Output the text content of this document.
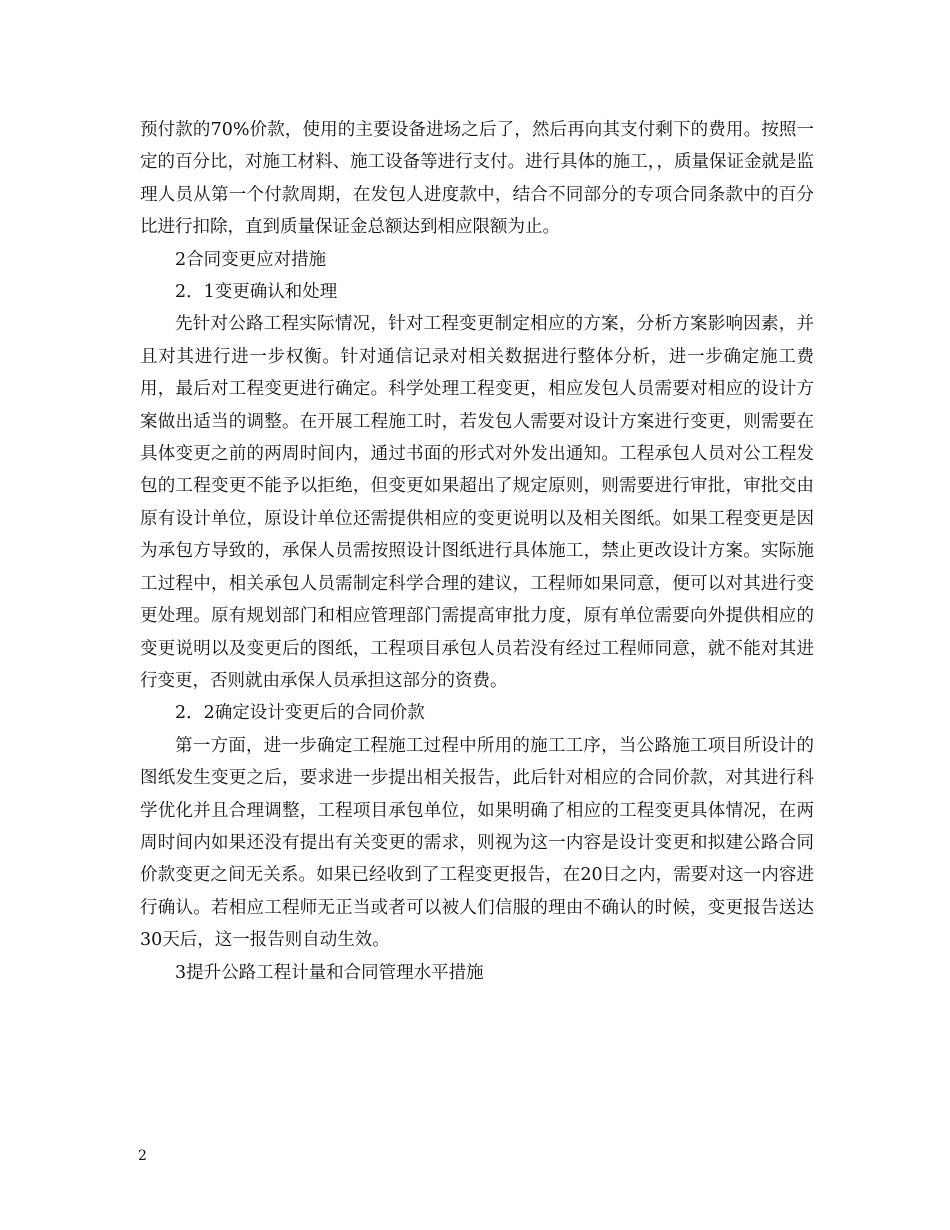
预付款的70%价款，使用的主要设备进场之后了，然后再向其支付剩下的费用。按照一定的百分比，对施工材料、施工设备等进行支付。进行具体的施工，，质量保证金就是监理人员从第一个付款周期，在发包人进度款中，结合不同部分的专项合同条款中的百分比进行扣除，直到质量保证金总额达到相应限额为止。

2合同变更应对措施

2．1变更确认和处理

先针对公路工程实际情况，针对工程变更制定相应的方案，分析方案影响因素，并且对其进行进一步权衡。针对通信记录对相关数据进行整体分析，进一步确定施工费用，最后对工程变更进行确定。科学处理工程变更，相应发包人员需要对相应的设计方案做出适当的调整。在开展工程施工时，若发包人需要对设计方案进行变更，则需要在具体变更之前的两周时间内，通过书面的形式对外发出通知。工程承包人员对公工程发包的工程变更不能予以拒绝，但变更如果超出了规定原则，则需要进行审批，审批交由原有设计单位，原设计单位还需提供相应的变更说明以及相关图纸。如果工程变更是因为承包方导致的，承保人员需按照设计图纸进行具体施工，禁止更改设计方案。实际施工过程中，相关承包人员需制定科学合理的建议，工程师如果同意，便可以对其进行变更处理。原有规划部门和相应管理部门需提高审批力度，原有单位需要向外提供相应的变更说明以及变更后的图纸，工程项目承包人员若没有经过工程师同意，就不能对其进行变更，否则就由承保人员承担这部分的资费。

2．2确定设计变更后的合同价款

第一方面，进一步确定工程施工过程中所用的施工工序，当公路施工项目所设计的图纸发生变更之后，要求进一步提出相关报告，此后针对相应的合同价款，对其进行科学优化并且合理调整，工程项目承包单位，如果明确了相应的工程变更具体情况，在两周时间内如果还没有提出有关变更的需求，则视为这一内容是设计变更和拟建公路合同价款变更之间无关系。如果已经收到了工程变更报告，在20日之内，需要对这一内容进行确认。若相应工程师无正当或者可以被人们信服的理由不确认的时候，变更报告送达30天后，这一报告则自动生效。

3提升公路工程计量和合同管理水平措施

2
